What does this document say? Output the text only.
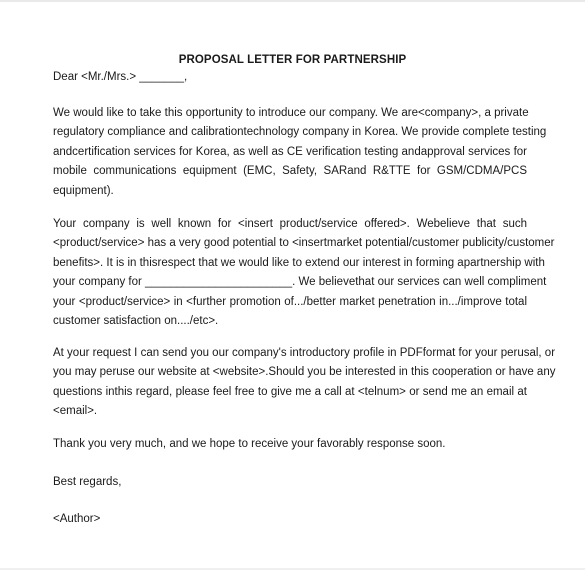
PROPOSAL LETTER FOR PARTNERSHIP
Dear <Mr./Mrs.> _______,
We would like to take this opportunity to introduce our company. We are<company>, a private
regulatory compliance and calibrationtechnology company in Korea. We provide complete testing
andcertification services for Korea, as well as CE verification testing andapproval services for
mobile communications equipment (EMC, Safety, SARand R&TTE for GSM/CDMA/PCS
equipment).
Your company is well known for <insert product/service offered>. Webelieve that such
<product/service> has a very good potential to <insertmarket potential/customer publicity/customer
benefits>. It is in thisrespect that we would like to extend our interest in forming apartnership with
your company for _______________________. We believethat our services can well compliment
your <product/service> in <further promotion of.../better market penetration in.../improve total
customer satisfaction on..../etc>.
At your request I can send you our company's introductory profile in PDFformat for your perusal, or
you may peruse our website at <website>.Should you be interested in this cooperation or have any
questions inthis regard, please feel free to give me a call at <telnum> or send me an email at
<email>.
Thank you very much, and we hope to receive your favorably response soon.
Best regards,
<Author>
